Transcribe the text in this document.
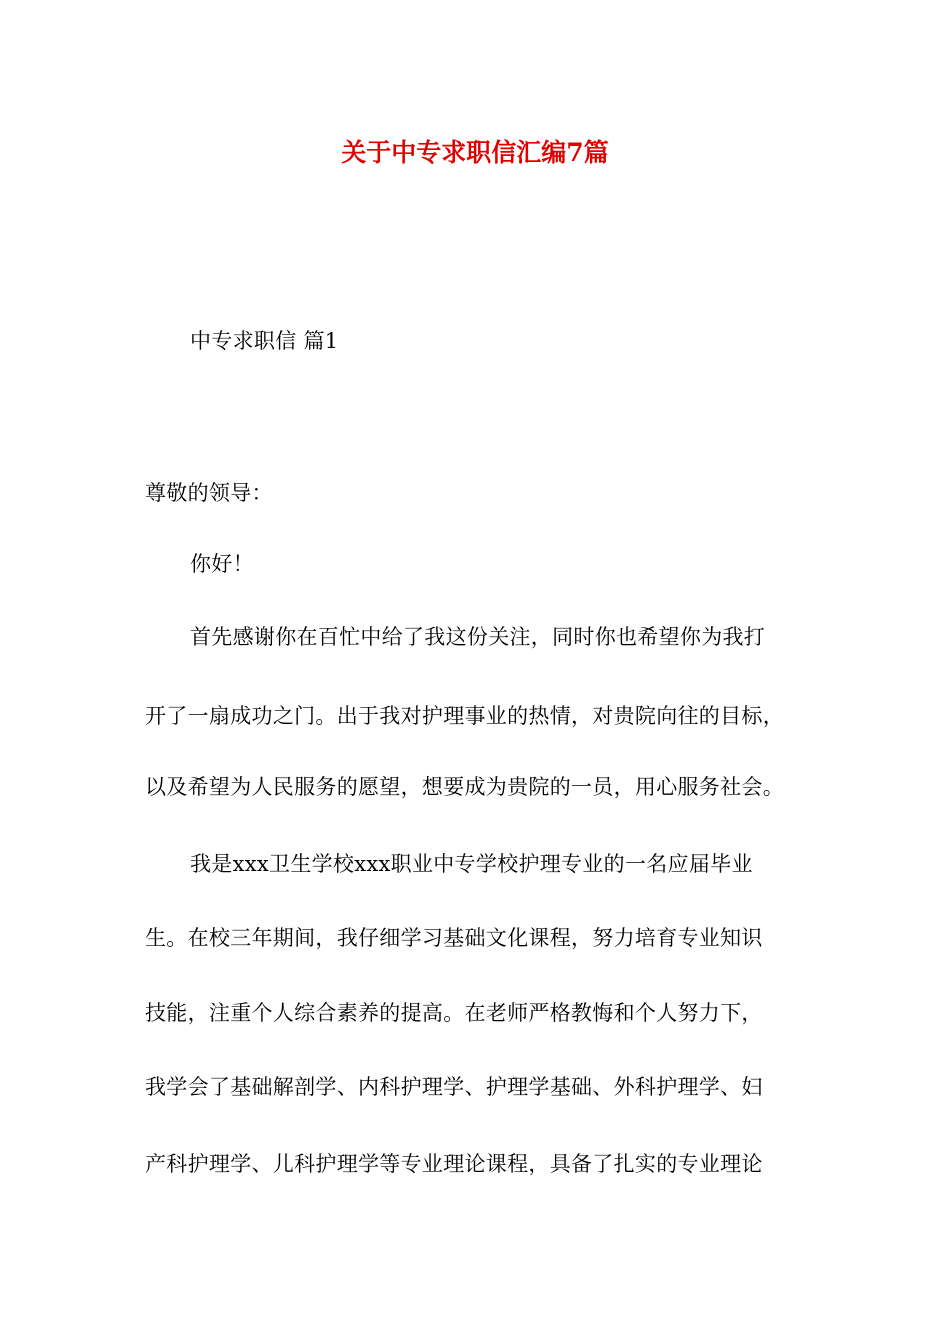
关于中专求职信汇编7篇
中专求职信 篇1
尊敬的领导：
你好！
首先感谢你在百忙中给了我这份关注，同时你也希望你为我打
开了一扇成功之门。出于我对护理事业的热情，对贵院向往的目标，
以及希望为人民服务的愿望，想要成为贵院的一员，用心服务社会。
我是xxx卫生学校xxx职业中专学校护理专业的一名应届毕业
生。在校三年期间，我仔细学习基础文化课程，努力培育专业知识
技能，注重个人综合素养的提高。在老师严格教悔和个人努力下，
我学会了基础解剖学、内科护理学、护理学基础、外科护理学、妇
产科护理学、儿科护理学等专业理论课程，具备了扎实的专业理论
